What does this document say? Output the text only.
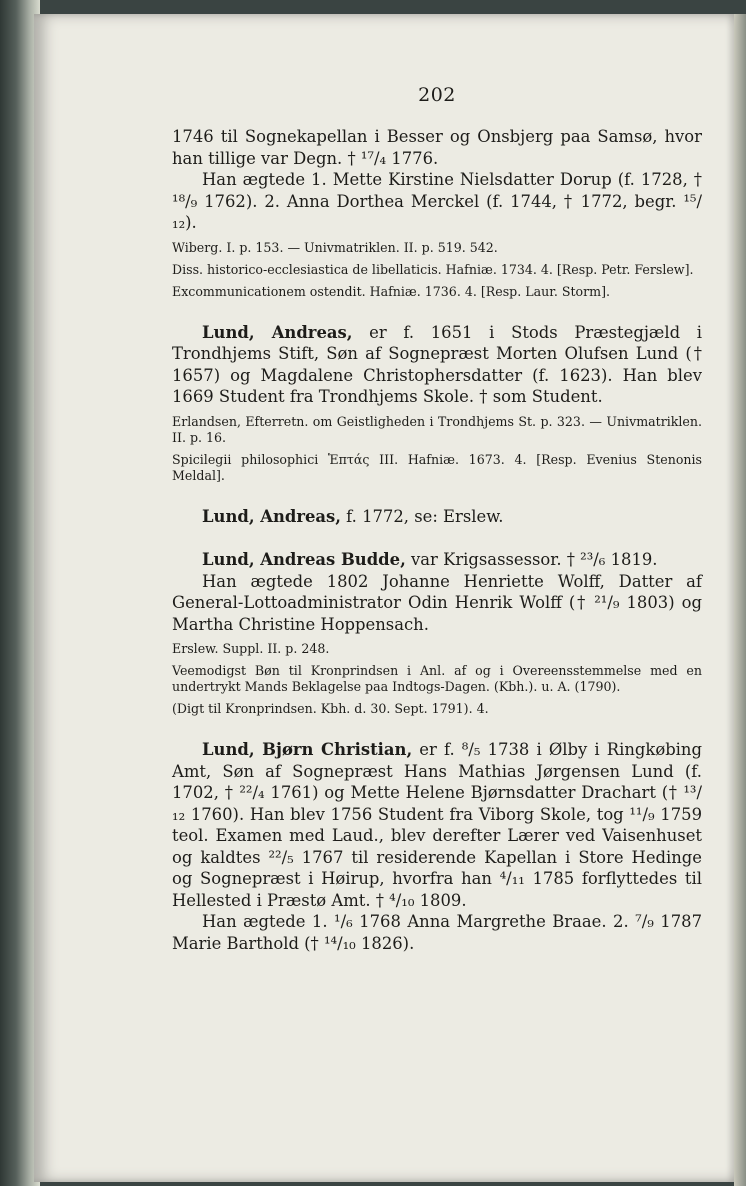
202

1746 til Sognekapellan i Besser og Onsbjerg paa Samsø, hvor han tillige var Degn. † ¹⁷/₄ 1776.

Han ægtede 1. Mette Kirstine Nielsdatter Dorup (f. 1728, † ¹⁸/₉ 1762). 2. Anna Dorthea Merckel (f. 1744, † 1772, begr. ¹⁵/₁₂).

Wiberg. I. p. 153. — Univmatriklen. II. p. 519. 542.

Diss. historico-ecclesiastica de libellaticis. Hafniæ. 1734. 4. [Resp. Petr. Ferslew].

Excommunicationem ostendit. Hafniæ. 1736. 4. [Resp. Laur. Storm].

Lund, Andreas, er f. 1651 i Stods Præstegjæld i Trondhjems Stift, Søn af Sognepræst Morten Olufsen Lund († 1657) og Magdalene Christophersdatter (f. 1623). Han blev 1669 Student fra Trondhjems Skole. † som Student.

Erlandsen, Efterretn. om Geistligheden i Trondhjems St. p. 323. — Univmatriklen. II. p. 16.

Spicilegii philosophici Ἑπτάς III. Hafniæ. 1673. 4. [Resp. Evenius Stenonis Meldal].

Lund, Andreas, f. 1772, se: Erslew.

Lund, Andreas Budde, var Krigsassessor. † ²³/₆ 1819.

Han ægtede 1802 Johanne Henriette Wolff, Datter af General-Lottoadministrator Odin Henrik Wolff († ²¹/₉ 1803) og Martha Christine Hoppensach.

Erslew. Suppl. II. p. 248.

Veemodigst Bøn til Kronprindsen i Anl. af og i Overeensstemmelse med en undertrykt Mands Beklagelse paa Indtogs-Dagen. (Kbh.). u. A. (1790).

(Digt til Kronprindsen. Kbh. d. 30. Sept. 1791). 4.

Lund, Bjørn Christian, er f. ⁸/₅ 1738 i Ølby i Ringkøbing Amt, Søn af Sognepræst Hans Mathias Jørgensen Lund (f. 1702, † ²²/₄ 1761) og Mette Helene Bjørnsdatter Drachart († ¹³/₁₂ 1760). Han blev 1756 Student fra Viborg Skole, tog ¹¹/₉ 1759 teol. Examen med Laud., blev derefter Lærer ved Vaisenhuset og kaldtes ²²/₅ 1767 til residerende Kapellan i Store Hedinge og Sognepræst i Høirup, hvorfra han ⁴/₁₁ 1785 forflyttedes til Hellested i Præstø Amt. † ⁴/₁₀ 1809.

Han ægtede 1. ¹/₆ 1768 Anna Margrethe Braae. 2. ⁷/₉ 1787 Marie Barthold († ¹⁴/₁₀ 1826).
